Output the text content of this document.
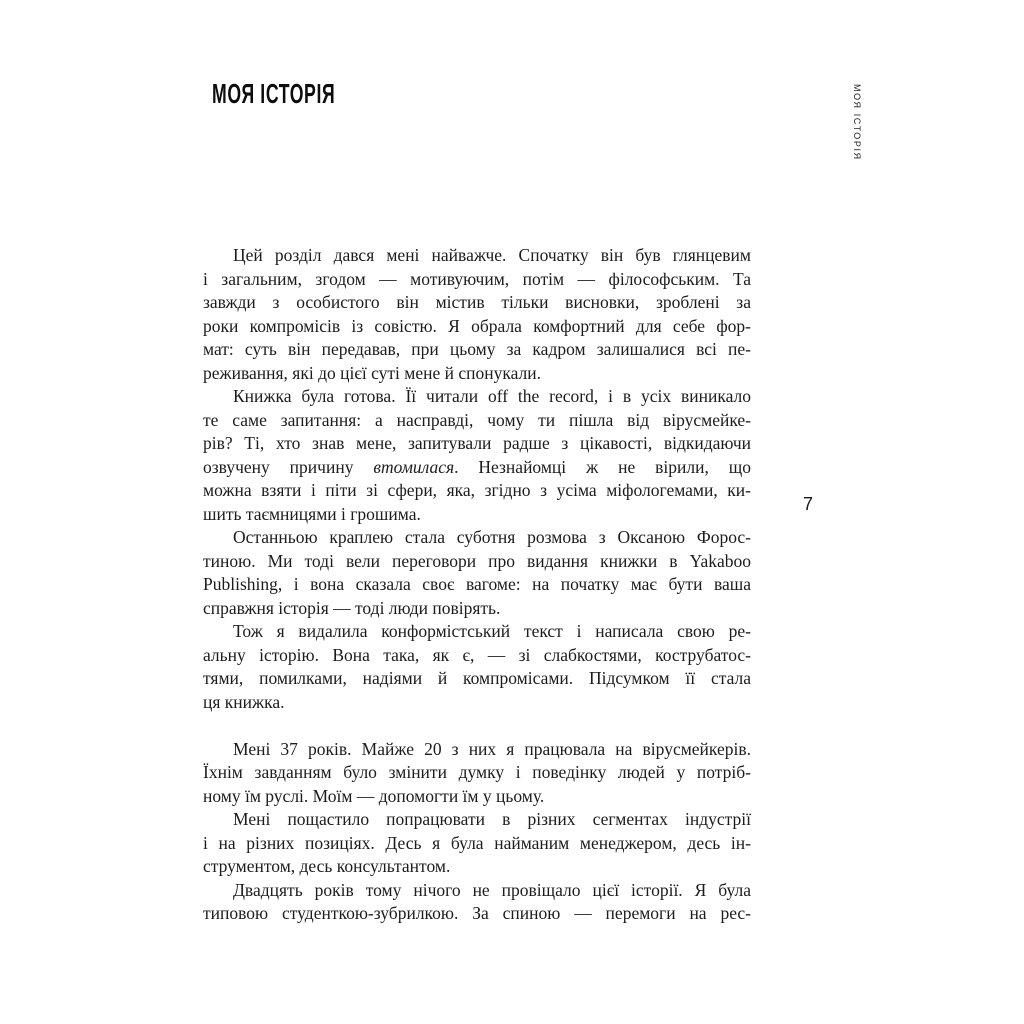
МОЯ ІСТОРІЯ	МОЯ ІСТОРІЯ
7
Цей розділ дався мені найважче. Спочатку він був глянцевим
і загальним, згодом — мотивуючим, потім — філософським. Та
завжди з особистого він містив тільки висновки, зроблені за
роки компромісів із совістю. Я обрала комфортний для себе фор-
мат: суть він передавав, при цьому за кадром залишалися всі пе-
реживання, які до цієї суті мене й спонукали.
Книжка була готова. Її читали off the record, і в усіх виникало
те саме запитання: а насправді, чому ти пішла від вірусмейке-
рів? Ті, хто знав мене, запитували радше з цікавості, відкидаючи
озвучену причину втомилася. Незнайомці ж не вірили, що
можна взяти і піти зі сфери, яка, згідно з усіма міфологемами, ки-
шить таємницями і грошима.
Останньою краплею стала суботня розмова з Оксаною Форос-
тиною. Ми тоді вели переговори про видання книжки в Yakaboo
Publishing, і вона сказала своє вагоме: на початку має бути ваша
справжня історія — тоді люди повірять.
Тож я видалила конформістський текст і написала свою ре-
альну історію. Вона така, як є, — зі слабкостями, кострубатос-
тями, помилками, надіями й компромісами. Підсумком її стала
ця книжка.
Мені 37 років. Майже 20 з них я працювала на вірусмейкерів.
Їхнім завданням було змінити думку і поведінку людей у потріб-
ному їм руслі. Моїм — допомогти їм у цьому.
Мені пощастило попрацювати в різних сегментах індустрії
і на різних позиціях. Десь я була найманим менеджером, десь ін-
струментом, десь консультантом.
Двадцять років тому нічого не провіщало цієї історії. Я була
типовою студенткою-зубрилкою. За спиною — перемоги на рес-
